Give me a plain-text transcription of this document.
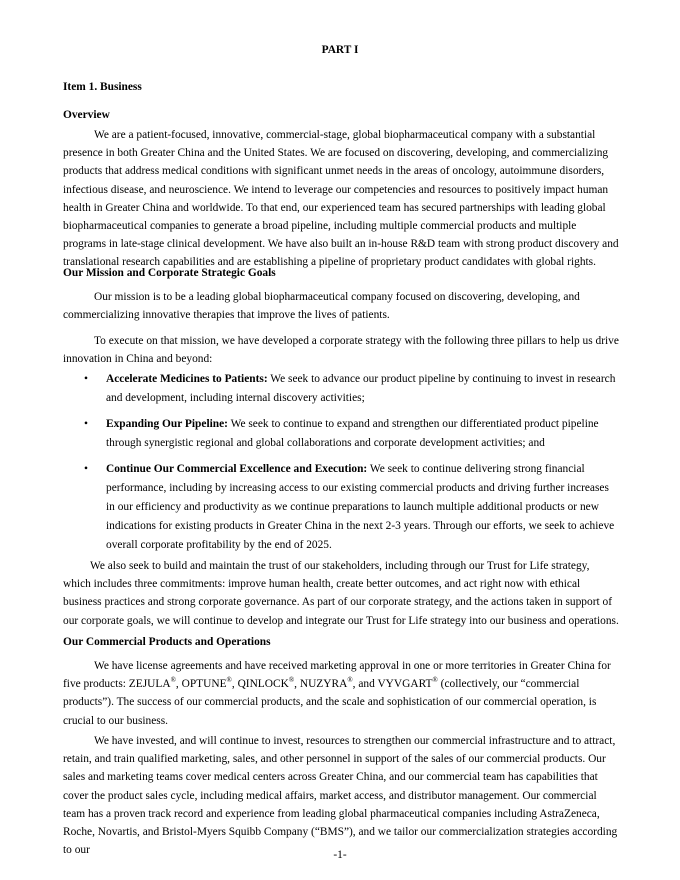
PART I

Item 1. Business

Overview

We are a patient-focused, innovative, commercial-stage, global biopharmaceutical company with a substantial presence in both Greater China and the United States. We are focused on discovering, developing, and commercializing products that address medical conditions with significant unmet needs in the areas of oncology, autoimmune disorders, infectious disease, and neuroscience. We intend to leverage our competencies and resources to positively impact human health in Greater China and worldwide. To that end, our experienced team has secured partnerships with leading global biopharmaceutical companies to generate a broad pipeline, including multiple commercial products and multiple programs in late-stage clinical development. We have also built an in-house R&D team with strong product discovery and translational research capabilities and are establishing a pipeline of proprietary product candidates with global rights.

Our Mission and Corporate Strategic Goals

Our mission is to be a leading global biopharmaceutical company focused on discovering, developing, and commercializing innovative therapies that improve the lives of patients.

To execute on that mission, we have developed a corporate strategy with the following three pillars to help us drive innovation in China and beyond:

• Accelerate Medicines to Patients: We seek to advance our product pipeline by continuing to invest in research and development, including internal discovery activities;
• Expanding Our Pipeline: We seek to continue to expand and strengthen our differentiated product pipeline through synergistic regional and global collaborations and corporate development activities; and
• Continue Our Commercial Excellence and Execution: We seek to continue delivering strong financial performance, including by increasing access to our existing commercial products and driving further increases in our efficiency and productivity as we continue preparations to launch multiple additional products or new indications for existing products in Greater China in the next 2-3 years. Through our efforts, we seek to achieve overall corporate profitability by the end of 2025.

We also seek to build and maintain the trust of our stakeholders, including through our Trust for Life strategy, which includes three commitments: improve human health, create better outcomes, and act right now with ethical business practices and strong corporate governance. As part of our corporate strategy, and the actions taken in support of our corporate goals, we will continue to develop and integrate our Trust for Life strategy into our business and operations.

Our Commercial Products and Operations

We have license agreements and have received marketing approval in one or more territories in Greater China for five products: ZEJULA®, OPTUNE®, QINLOCK®, NUZYRA®, and VYVGART® (collectively, our “commercial products”). The success of our commercial products, and the scale and sophistication of our commercial operation, is crucial to our business.

We have invested, and will continue to invest, resources to strengthen our commercial infrastructure and to attract, retain, and train qualified marketing, sales, and other personnel in support of the sales of our commercial products. Our sales and marketing teams cover medical centers across Greater China, and our commercial team has capabilities that cover the product sales cycle, including medical affairs, market access, and distributor management. Our commercial team has a proven track record and experience from leading global pharmaceutical companies including AstraZeneca, Roche, Novartis, and Bristol-Myers Squibb Company (“BMS”), and we tailor our commercialization strategies according to our	-1-
